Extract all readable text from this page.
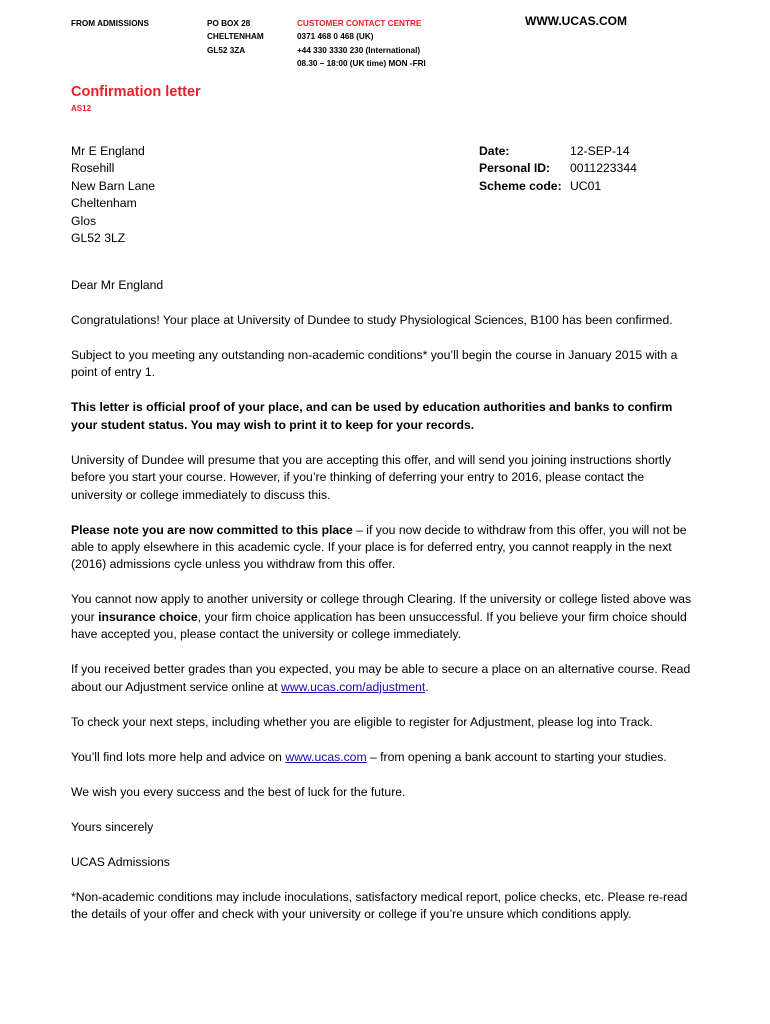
FROM ADMISSIONS	PO BOX 28
CHELTENHAM
GL52 3ZA
CUSTOMER CONTACT CENTRE
0371 468 0 468 (UK)
+44 330 3330 230 (International)
08.30 – 18:00 (UK time) MON -FRI
WWW.UCAS.COM
Confirmation letter
AS12
Mr E England
Rosehill
New Barn Lane
Cheltenham
Glos
GL52 3LZ
Date:	12-SEP-14
Personal ID:	0011223344
Scheme code: UC01

Dear Mr England

Congratulations! Your place at University of Dundee to study Physiological Sciences, B100 has been confirmed.

Subject to you meeting any outstanding non-academic conditions* you’ll begin the course in January 2015 with a point of entry 1.

This letter is official proof of your place, and can be used by education authorities and banks to confirm your student status. You may wish to print it to keep for your records.

University of Dundee will presume that you are accepting this offer, and will send you joining instructions shortly before you start your course. However, if you’re thinking of deferring your entry to 2016, please contact the university or college immediately to discuss this.

Please note you are now committed to this place – if you now decide to withdraw from this offer, you will not be able to apply elsewhere in this academic cycle. If your place is for deferred entry, you cannot reapply in the next (2016) admissions cycle unless you withdraw from this offer.

You cannot now apply to another university or college through Clearing. If the university or college listed above was your insurance choice, your firm choice application has been unsuccessful. If you believe your firm choice should have accepted you, please contact the university or college immediately.

If you received better grades than you expected, you may be able to secure a place on an alternative course. Read about our Adjustment service online at www.ucas.com/adjustment.

To check your next steps, including whether you are eligible to register for Adjustment, please log into Track.

You’ll find lots more help and advice on www.ucas.com – from opening a bank account to starting your studies.

We wish you every success and the best of luck for the future.

Yours sincerely

UCAS Admissions

*Non-academic conditions may include inoculations, satisfactory medical report, police checks, etc. Please re-read the details of your offer and check with your university or college if you’re unsure which conditions apply.
